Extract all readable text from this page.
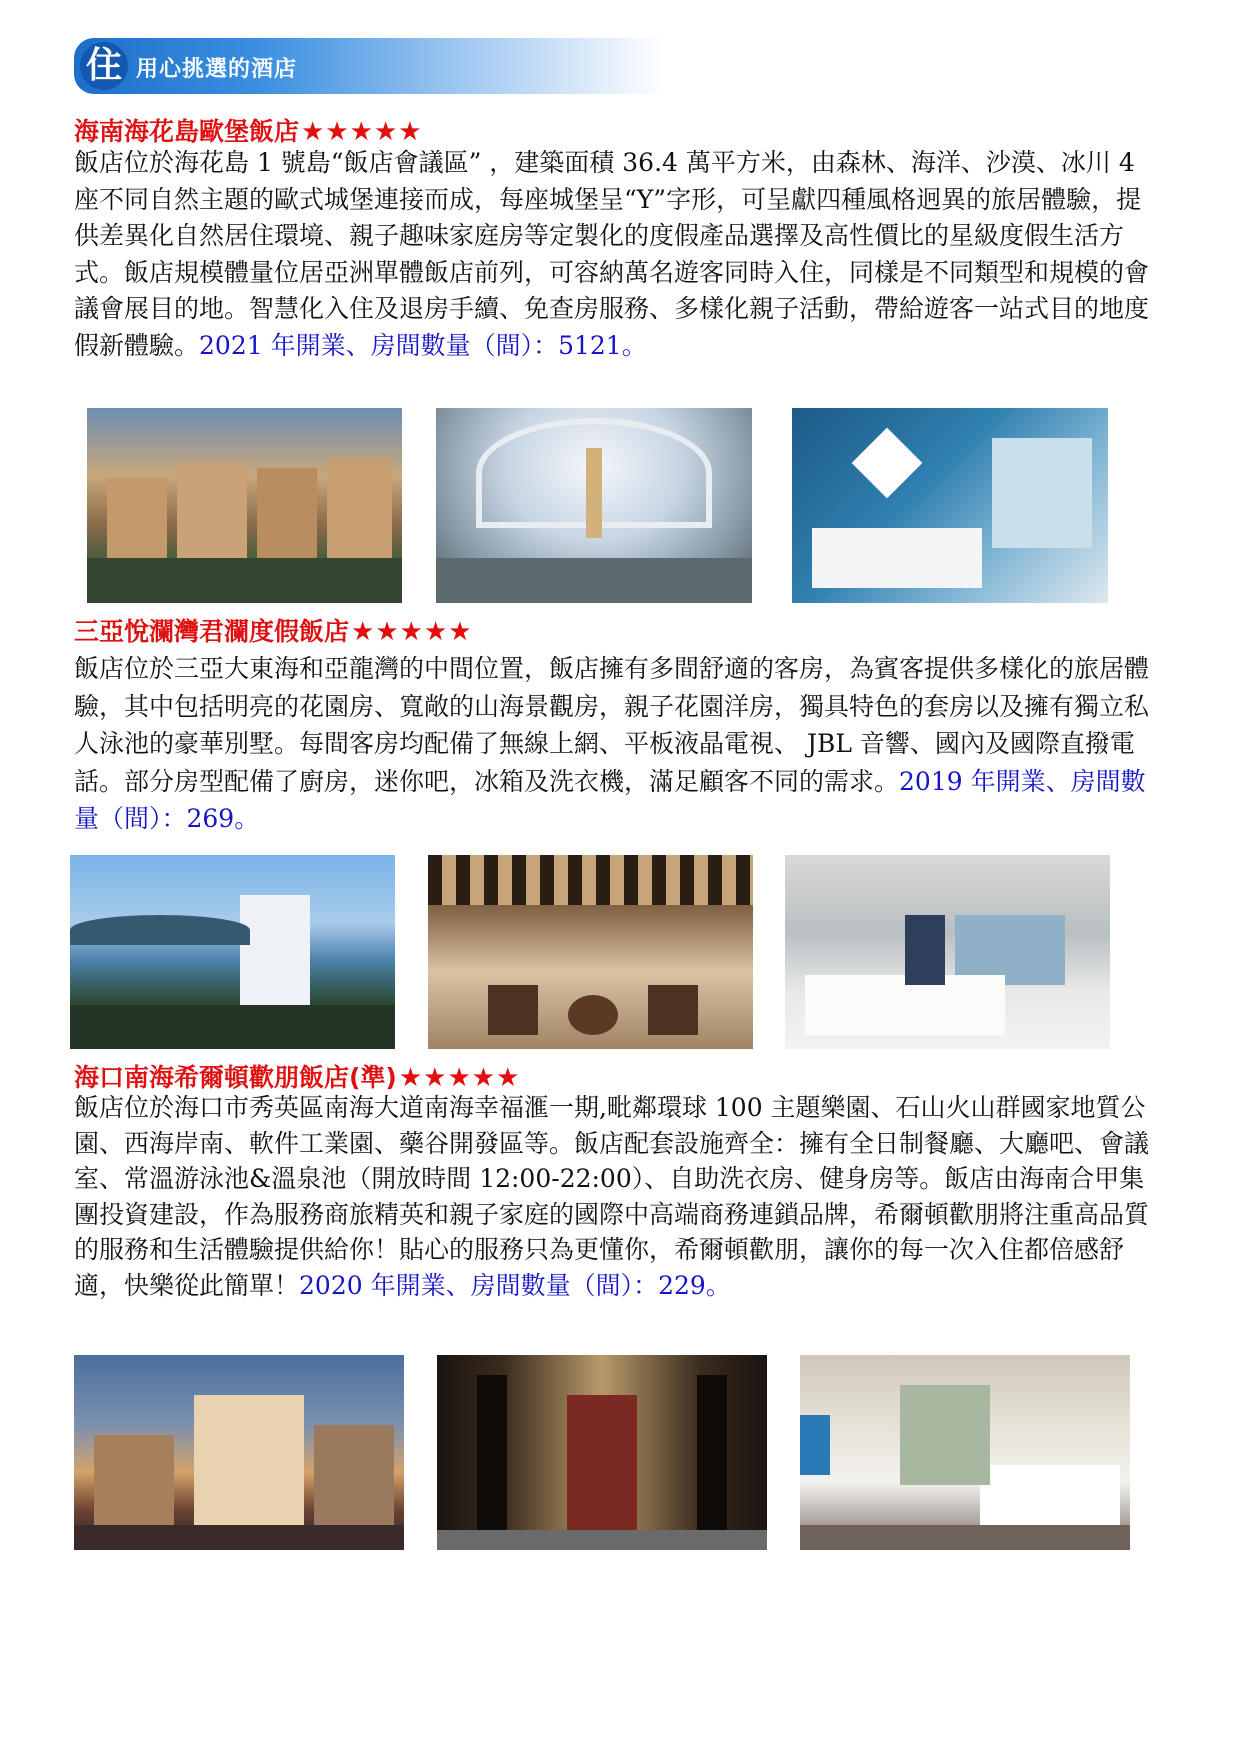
住 用心挑選的酒店
海南海花島歐堡飯店★★★★★
飯店位於海花島 1 號島“飯店會議區” ，建築面積 36.4 萬平方米，由森林、海洋、沙漠、冰川 4 座不同自然主題的歐式城堡連接而成，每座城堡呈“Y”字形，可呈獻四種風格迥異的旅居體驗，提供差異化自然居住環境、親子趣味家庭房等定製化的度假產品選擇及高性價比的星級度假生活方式。飯店規模體量位居亞洲單體飯店前列，可容納萬名遊客同時入住，同樣是不同類型和規模的會議會展目的地。智慧化入住及退房手續、免查房服務、多樣化親子活動，帶給遊客一站式目的地度假新體驗。2021 年開業、房間數量（間）：5121。
三亞悅瀾灣君瀾度假飯店★★★★★
飯店位於三亞大東海和亞龍灣的中間位置，飯店擁有多間舒適的客房，為賓客提供多樣化的旅居體驗，其中包括明亮的花園房、寬敞的山海景觀房，親子花園洋房，獨具特色的套房以及擁有獨立私人泳池的豪華別墅。每間客房均配備了無線上網、平板液晶電視、 JBL 音響、國內及國際直撥電話。部分房型配備了廚房，迷你吧，冰箱及洗衣機，滿足顧客不同的需求。2019 年開業、房間數量（間）：269。
海口南海希爾頓歡朋飯店(準)★★★★★
飯店位於海口市秀英區南海大道南海幸福滙一期,毗鄰環球 100 主題樂園、石山火山群國家地質公園、西海岸南、軟件工業園、藥谷開發區等。飯店配套設施齊全：擁有全日制餐廳、大廳吧、會議室、常溫游泳池&溫泉池（開放時間 12:00-22:00）、自助洗衣房、健身房等。飯店由海南合甲集團投資建設，作為服務商旅精英和親子家庭的國際中高端商務連鎖品牌，希爾頓歡朋將注重高品質的服務和生活體驗提供給你！貼心的服務只為更懂你，希爾頓歡朋，讓你的每一次入住都倍感舒適，快樂從此簡單！2020 年開業、房間數量（間）：229。
